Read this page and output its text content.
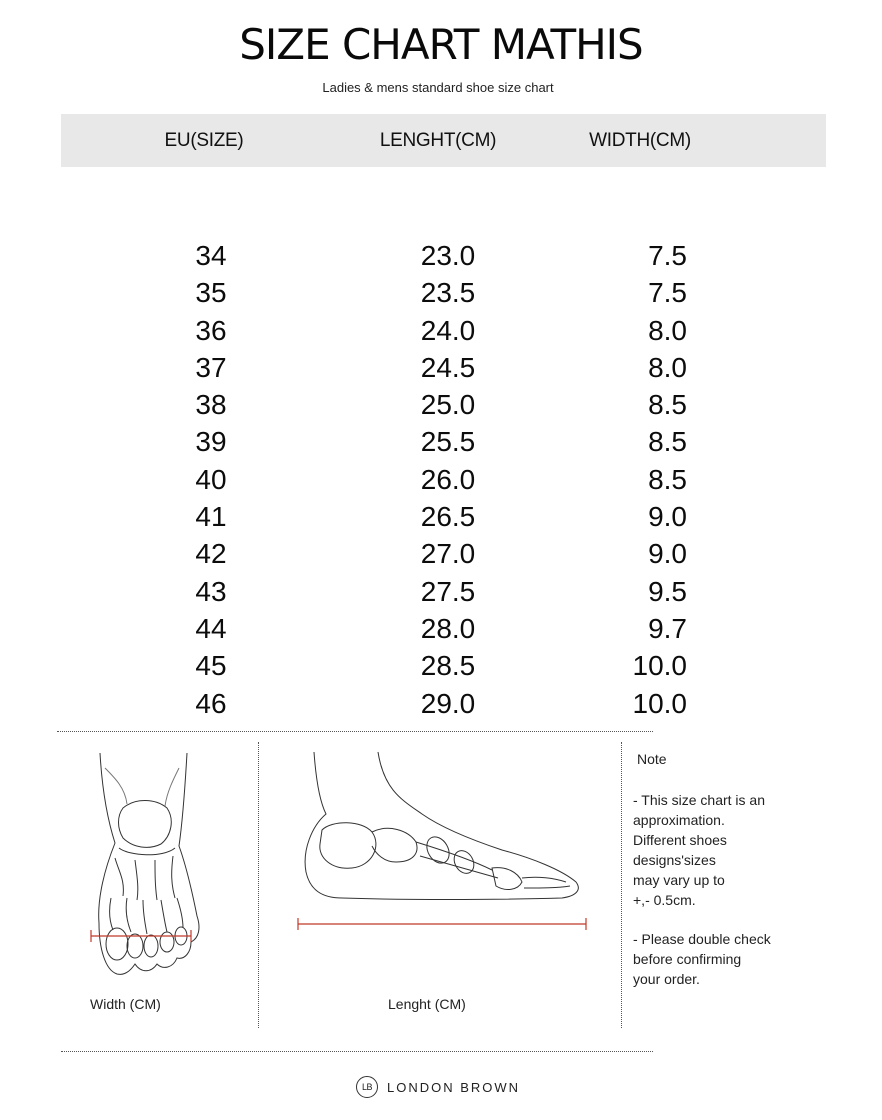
SIZE CHART MATHIS
Ladies & mens standard shoe size chart
EU(SIZE)	LENGHT(CM)	WIDTH(CM)
34	23.0	7.5
35	23.5	7.5
36	24.0	8.0
37	24.5	8.0
38	25.0	8.5
39	25.5	8.5
40	26.0	8.5
41	26.5	9.0
42	27.0	9.0
43	27.5	9.5
44	28.0	9.7
45	28.5	10.0
46	29.0	10.0
Width (CM)	Lenght (CM)
Note

- This size chart is an
approximation.
Different shoes
designs'sizes
may vary up to
+,- 0.5cm.

- Please double check
before confirming
your order.

LB	LONDON BROWN
